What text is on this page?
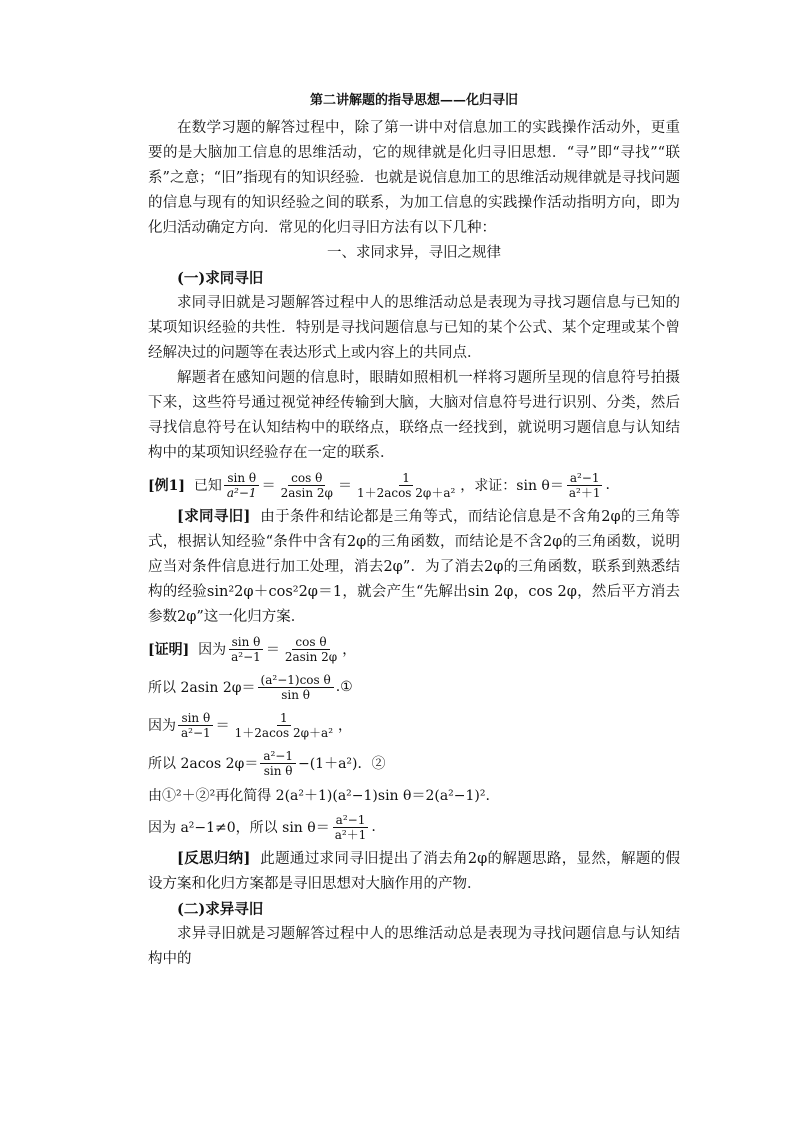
第二讲解题的指导思想——化归寻旧

在数学习题的解答过程中，除了第一讲中对信息加工的实践操作活动外，更重要的是大脑加工信息的思维活动，它的规律就是化归寻旧思想．“寻”即“寻找”“联系”之意；“旧”指现有的知识经验．也就是说信息加工的思维活动规律就是寻找问题的信息与现有的知识经验之间的联系，为加工信息的实践操作活动指明方向，即为化归活动确定方向．常见的化归寻旧方法有以下几种：

一、求同求异，寻旧之规律

(一)求同寻旧

求同寻旧就是习题解答过程中人的思维活动总是表现为寻找习题信息与已知的某项知识经验的共性．特别是寻找问题信息与已知的某个公式、某个定理或某个曾经解决过的问题等在表达形式上或内容上的共同点．

解题者在感知问题的信息时，眼睛如照相机一样将习题所呈现的信息符号拍摄下来，这些符号通过视觉神经传输到大脑，大脑对信息符号进行识别、分类，然后寻找信息符号在认知结构中的联络点，联络点一经找到，就说明习题信息与认知结构中的某项知识经验存在一定的联系．

[例1]
已知 $\frac{\text{sin θ}}{\text{a²−1}} = \frac{\text{cos θ}}{2asin 2\varphi} = \frac{1}{\text{1＋2acos 2φ＋a²}}$ ，求证：$\sin \theta= \frac{\text{a²−1}}{\text{a²＋1}}$ .

[求同寻旧] 由于条件和结论都是三角等式，而结论信息是不含角2φ的三角等式，根据认知经验“条件中含有2φ的三角函数，而结论是不含2φ的三角函数，说明应当对条件信息进行加工处理，消去2φ”．为了消去2φ的三角函数，联系到熟悉结构的经验sin²2φ＋cos²2φ＝1，就会产生“先解出sin 2φ，cos 2φ，然后平方消去参数2φ”这一化归方案．

[证明]
因为 $\frac{\text{sin θ}}{\text{a²−1}} = \frac{\text{cos θ}}{2asin 2\varphi}$ ，
所以 2asin $2\varphi= \frac{\text{(a²−1)cos θ}}{\text{sin θ}}$ .①
因为 $\frac{\text{sin θ}}{\text{a²−1}} = \frac{1}{\text{1＋2acos 2φ＋a²}}$ ，
所以 2acos $2\varphi= \frac{\text{a²−1}}{\text{sin θ}} -(1+a^2)$．②
由①²＋②²再化简得 2(a²＋1)(a²−1)sin θ＝2(a²−1)².
因为 a²−1≠0，所以 $\sin \theta= \frac{\text{a²−1}}{\text{a²＋1}}$ .

[反思归纳] 此题通过求同寻旧提出了消去角2φ的解题思路，显然，解题的假设方案和化归方案都是寻旧思想对大脑作用的产物．

(二)求异寻旧

求异寻旧就是习题解答过程中人的思维活动总是表现为寻找问题信息与认知结构中的
